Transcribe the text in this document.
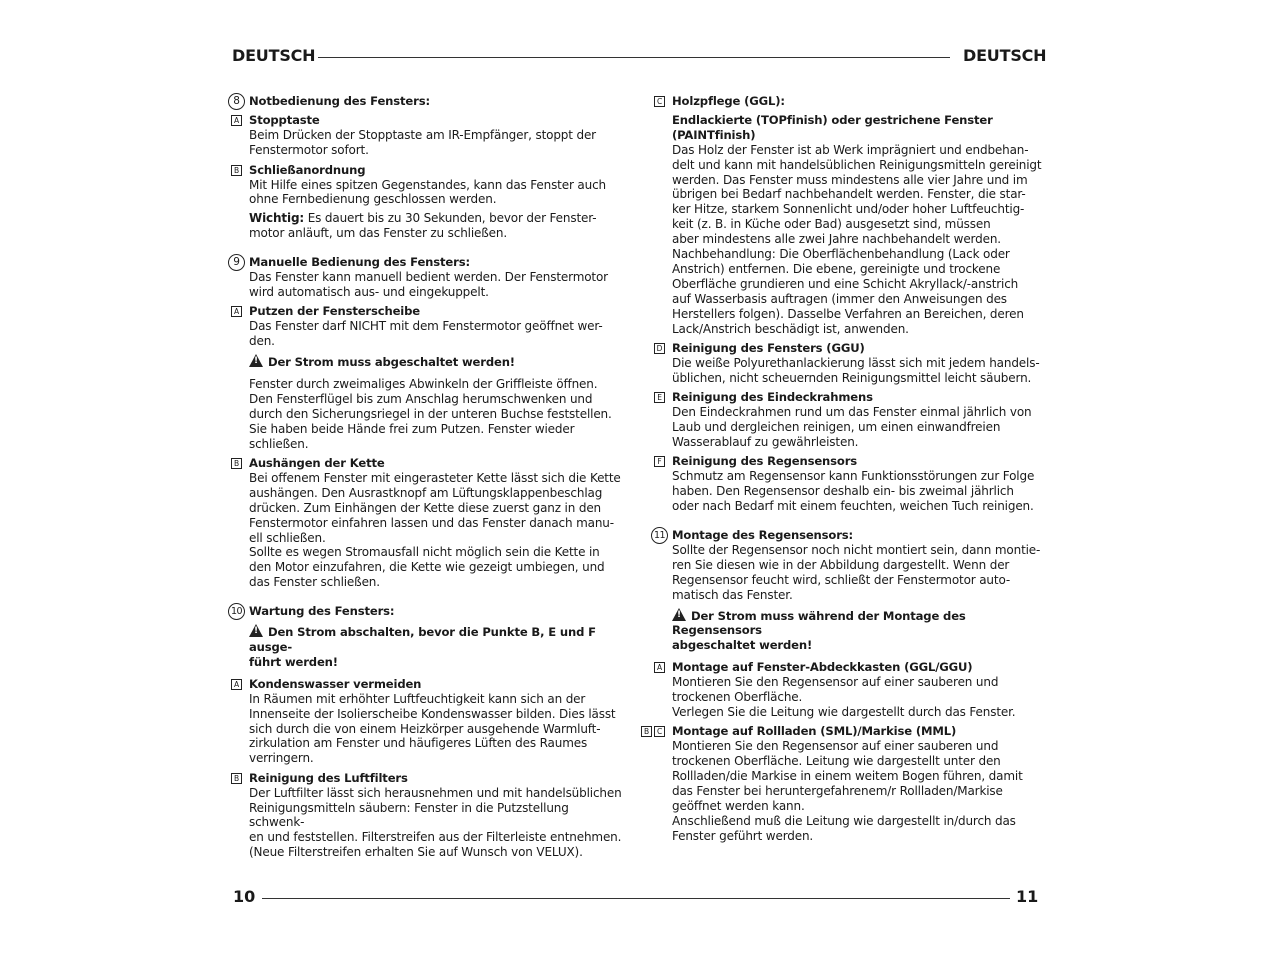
DEUTSCH	DEUTSCH
8 Notbedienung des Fensters:
A Stopptaste
Beim Drücken der Stopptaste am IR-Empfänger, stoppt der
Fenstermotor sofort.
B Schließanordnung
Mit Hilfe eines spitzen Gegenstandes, kann das Fenster auch
ohne Fernbedienung geschlossen werden.
Wichtig: Es dauert bis zu 30 Sekunden, bevor der Fenster-
motor anläuft, um das Fenster zu schließen.
9 Manuelle Bedienung des Fensters:
Das Fenster kann manuell bedient werden. Der Fenstermotor
wird automatisch aus- und eingekuppelt.
A Putzen der Fensterscheibe
Das Fenster darf NICHT mit dem Fenstermotor geöffnet wer-
den.
!Der Strom muss abgeschaltet werden!
Fenster durch zweimaliges Abwinkeln der Griffleiste öffnen.
Den Fensterflügel bis zum Anschlag herumschwenken und
durch den Sicherungsriegel in der unteren Buchse feststellen.
Sie haben beide Hände frei zum Putzen. Fenster wieder
schließen.
B Aushängen der Kette
Bei offenem Fenster mit eingerasteter Kette lässt sich die Kette
aushängen. Den Ausrastknopf am Lüftungsklappenbeschlag
drücken. Zum Einhängen der Kette diese zuerst ganz in den
Fenstermotor einfahren lassen und das Fenster danach manu-
ell schließen.
Sollte es wegen Stromausfall nicht möglich sein die Kette in
den Motor einzufahren, die Kette wie gezeigt umbiegen, und
das Fenster schließen.
10 Wartung des Fensters:
!Den Strom abschalten, bevor die Punkte B, E und F ausge-
führt werden!
A Kondenswasser vermeiden
In Räumen mit erhöhter Luftfeuchtigkeit kann sich an der
Innenseite der Isolierscheibe Kondenswasser bilden. Dies lässt
sich durch die von einem Heizkörper ausgehende Warmluft-
zirkulation am Fenster und häufigeres Lüften des Raumes
verringern.
B Reinigung des Luftfilters
Der Luftfilter lässt sich herausnehmen und mit handelsüblichen
Reinigungsmitteln säubern: Fenster in die Putzstellung schwenk-
en und feststellen. Filterstreifen aus der Filterleiste entnehmen.
(Neue Filterstreifen erhalten Sie auf Wunsch von VELUX).
C Holzpflege (GGL):
Endlackierte (TOPfinish) oder gestrichene Fenster (PAINTfinish)
Das Holz der Fenster ist ab Werk imprägniert und endbehan-
delt und kann mit handelsüblichen Reinigungsmitteln gereinigt
werden. Das Fenster muss mindestens alle vier Jahre und im
übrigen bei Bedarf nachbehandelt werden. Fenster, die star-
ker Hitze, starkem Sonnenlicht und/oder hoher Luftfeuchtig-
keit (z. B. in Küche oder Bad) ausgesetzt sind, müssen
aber mindestens alle zwei Jahre nachbehandelt werden.
Nachbehandlung: Die Oberflächenbehandlung (Lack oder
Anstrich) entfernen. Die ebene, gereinigte und trockene
Oberfläche grundieren und eine Schicht Akryllack/-anstrich
auf Wasserbasis auftragen (immer den Anweisungen des
Herstellers folgen). Dasselbe Verfahren an Bereichen, deren
Lack/Anstrich beschädigt ist, anwenden.
D Reinigung des Fensters (GGU)
Die weiße Polyurethanlackierung lässt sich mit jedem handels-
üblichen, nicht scheuernden Reinigungsmittel leicht säubern.
E Reinigung des Eindeckrahmens
Den Eindeckrahmen rund um das Fenster einmal jährlich von
Laub und dergleichen reinigen, um einen einwandfreien
Wasserablauf zu gewährleisten.
F Reinigung des Regensensors
Schmutz am Regensensor kann Funktionsstörungen zur Folge
haben. Den Regensensor deshalb ein- bis zweimal jährlich
oder nach Bedarf mit einem feuchten, weichen Tuch reinigen.
11 Montage des Regensensors:
Sollte der Regensensor noch nicht montiert sein, dann montie-
ren Sie diesen wie in der Abbildung dargestellt. Wenn der
Regensensor feucht wird, schließt der Fenstermotor auto-
matisch das Fenster.
!Der Strom muss während der Montage des Regensensors
abgeschaltet werden!
A Montage auf Fenster-Abdeckkasten (GGL/GGU)
Montieren Sie den Regensensor auf einer sauberen und
trockenen Oberfläche.
Verlegen Sie die Leitung wie dargestellt durch das Fenster.
B	C Montage auf Rollladen (SML)/Markise (MML)
Montieren Sie den Regensensor auf einer sauberen und
trockenen Oberfläche. Leitung wie dargestellt unter den
Rollladen/die Markise in einem weitem Bogen führen, damit
das Fenster bei heruntergefahrenem/r Rollladen/Markise
geöffnet werden kann.
Anschließend muß die Leitung wie dargestellt in/durch das
Fenster geführt werden.
10	11
